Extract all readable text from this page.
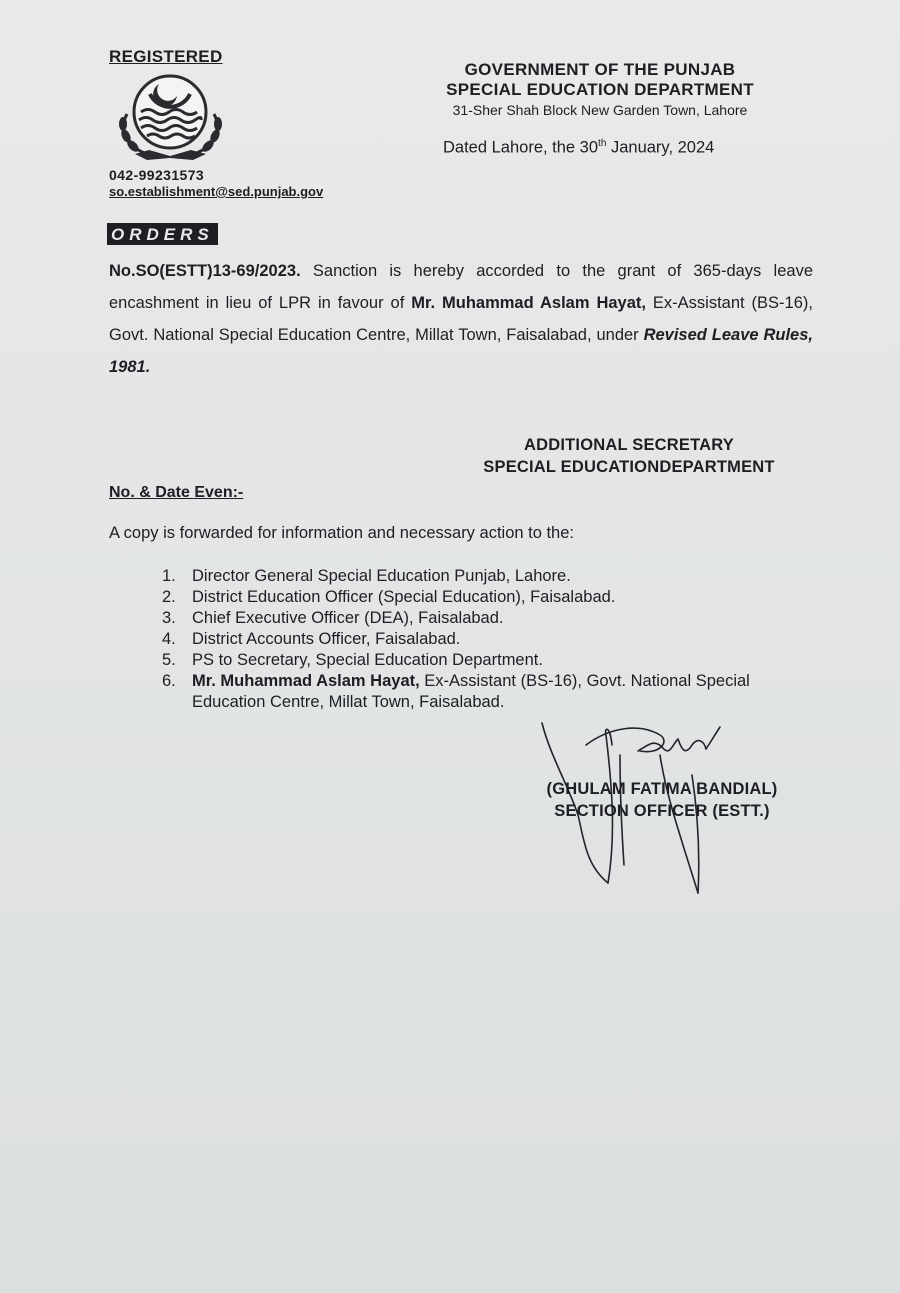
REGISTERED
042-99231573
so.establishment@sed.punjab.gov
GOVERNMENT OF THE PUNJAB
SPECIAL EDUCATION DEPARTMENT
31-Sher Shah Block New Garden Town, Lahore
Dated Lahore, the 30th January, 2024
ORDERS
No.SO(ESTT)13-69/2023. Sanction is hereby accorded to the grant of 365-days leave encashment in lieu of LPR in favour of Mr. Muhammad Aslam Hayat, Ex-Assistant (BS-16), Govt. National Special Education Centre, Millat Town, Faisalabad, under Revised Leave Rules, 1981.
ADDITIONAL SECRETARY
SPECIAL EDUCATIONDEPARTMENT
No. & Date Even:-
A copy is forwarded for information and necessary action to the:
1. Director General Special Education Punjab, Lahore.
2. District Education Officer (Special Education), Faisalabad.
3. Chief Executive Officer (DEA), Faisalabad.
4. District Accounts Officer, Faisalabad.
5. PS to Secretary, Special Education Department.
6. Mr. Muhammad Aslam Hayat, Ex-Assistant (BS-16), Govt. National Special Education Centre, Millat Town, Faisalabad.
(GHULAM FATIMA BANDIAL)
SECTION OFFICER (ESTT.)
